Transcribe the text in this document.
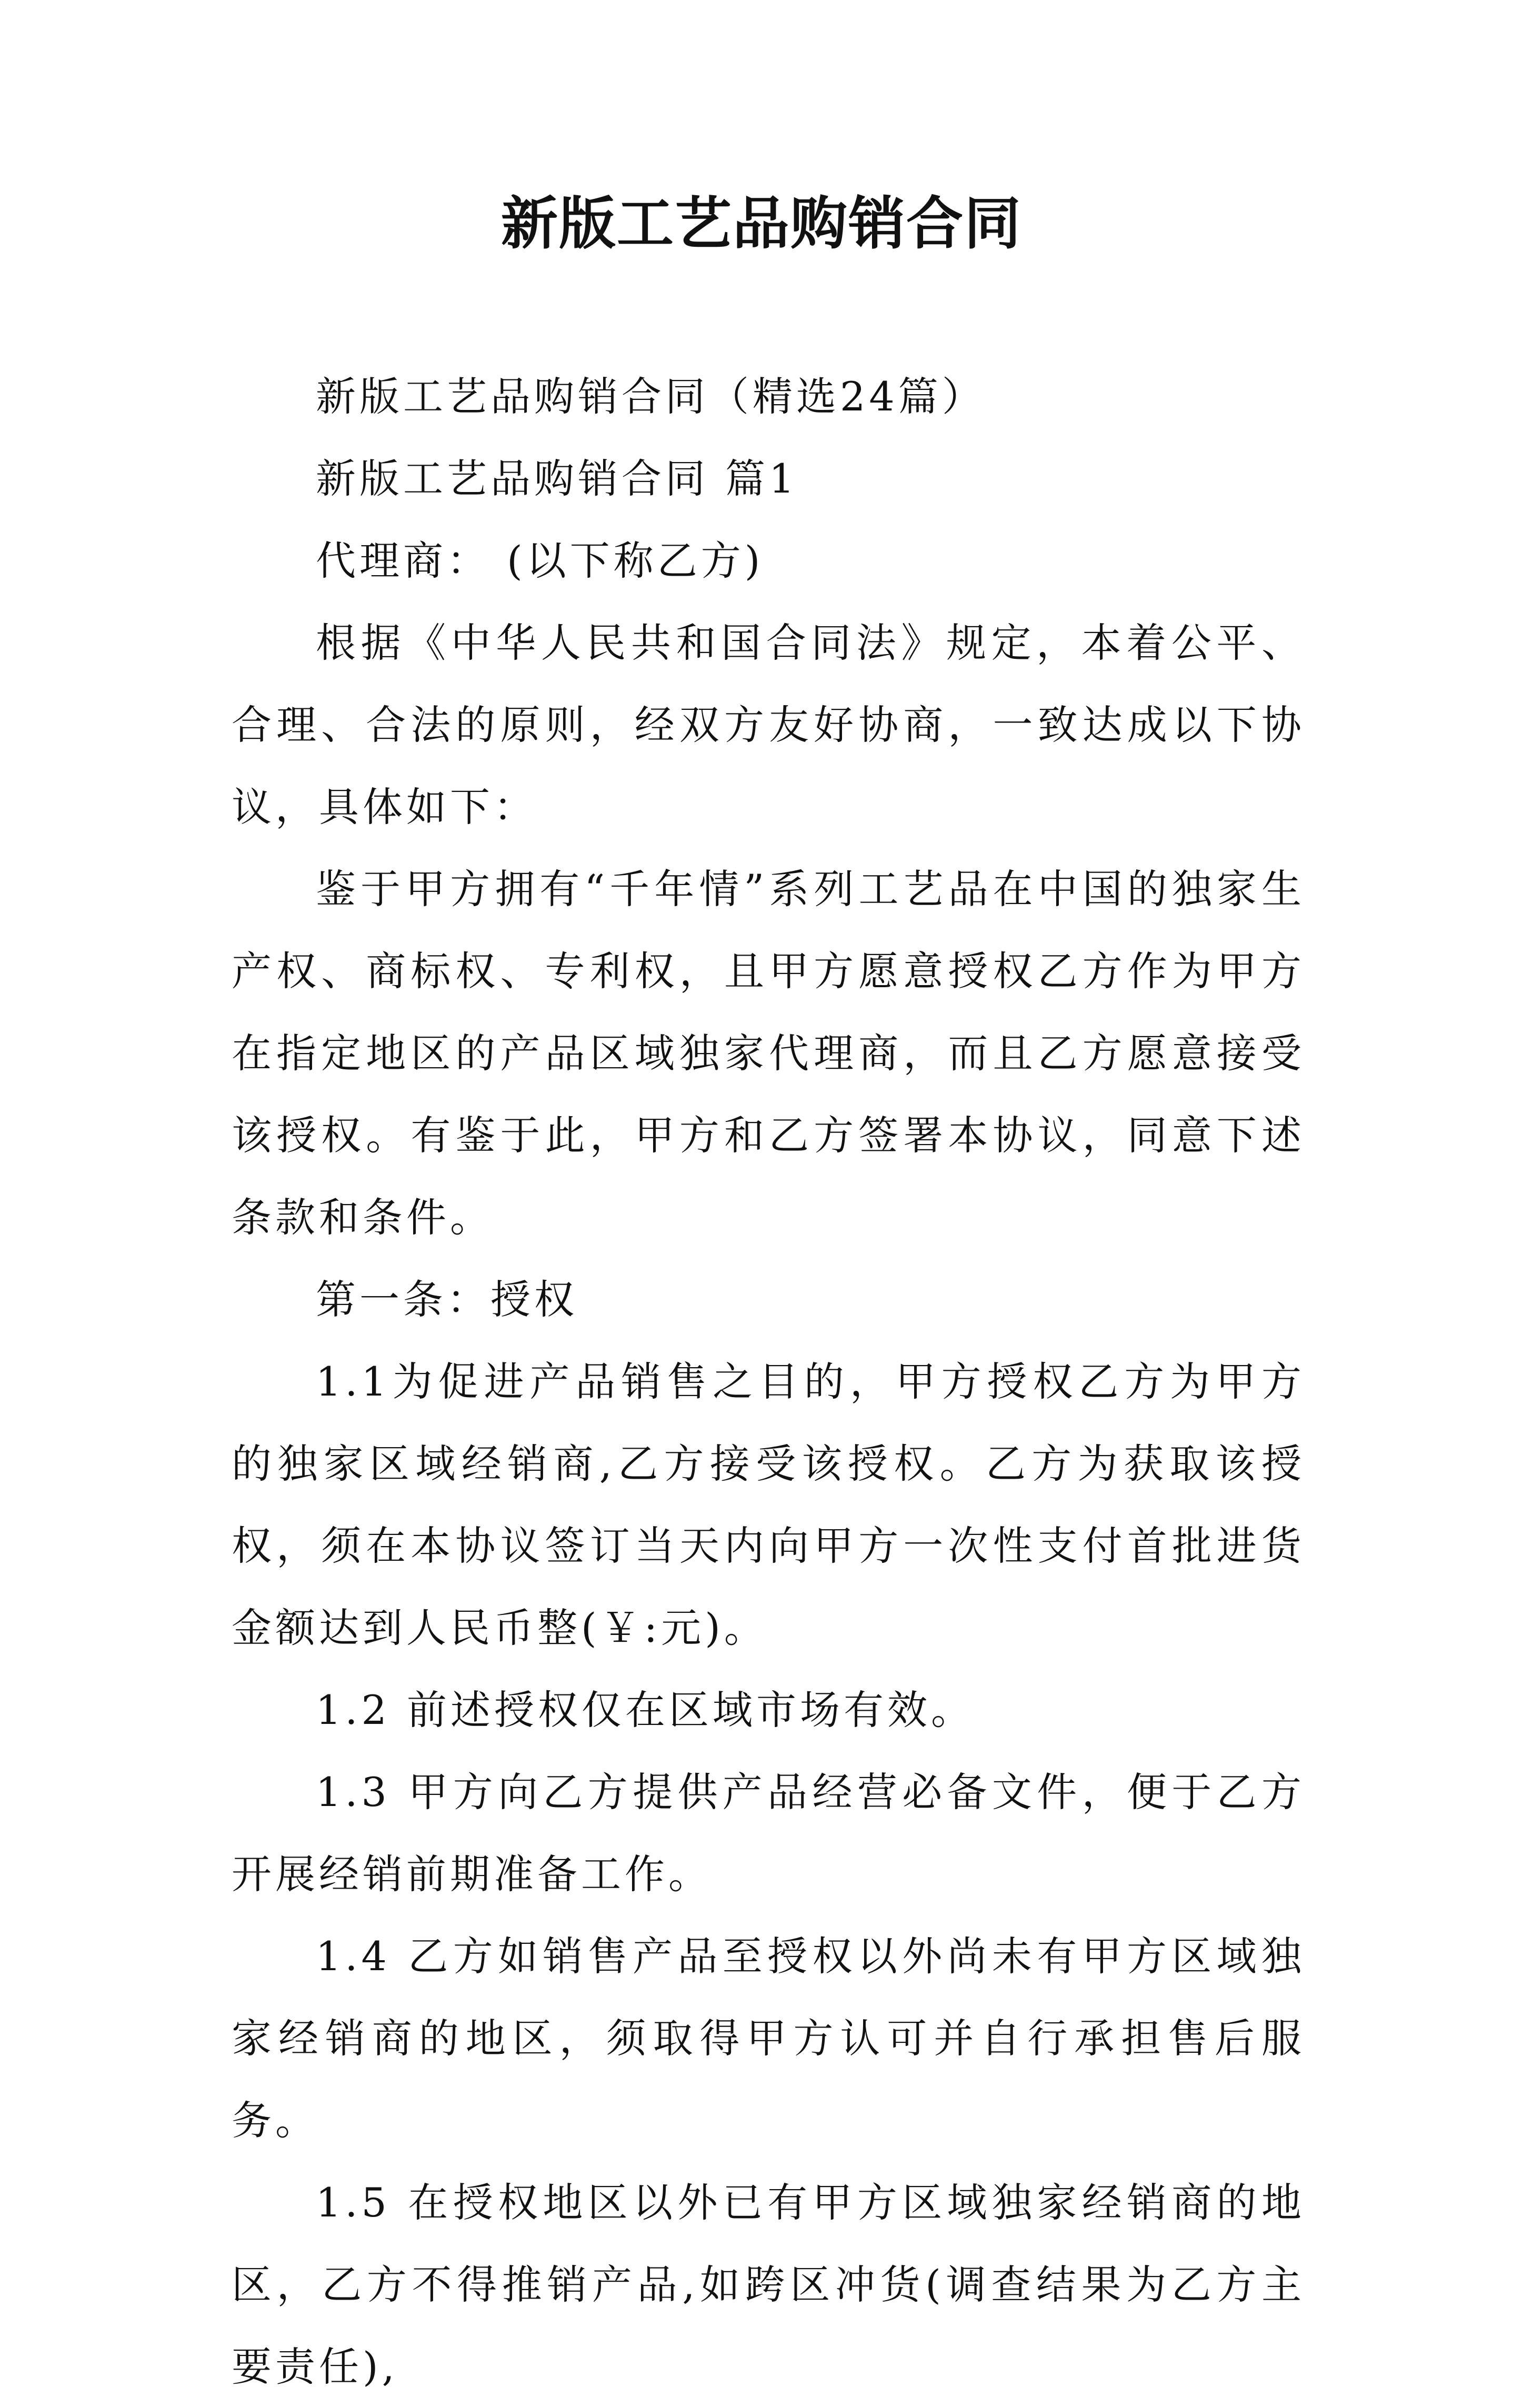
新版工艺品购销合同

新版工艺品购销合同（精选24篇）

新版工艺品购销合同 篇1

代理商： (以下称乙方)

根据《中华人民共和国合同法》规定，本着公平、合理、合法的原则，经双方友好协商，一致达成以下协议，具体如下：

鉴于甲方拥有“千年情”系列工艺品在中国的独家生产权、商标权、专利权，且甲方愿意授权乙方作为甲方在指定地区的产品区域独家代理商，而且乙方愿意接受该授权。有鉴于此，甲方和乙方签署本协议，同意下述条款和条件。

第一条：授权

1.1为促进产品销售之目的，甲方授权乙方为甲方的独家区域经销商,乙方接受该授权。乙方为获取该授权，须在本协议签订当天内向甲方一次性支付首批进货金额达到人民币整(￥:元)。

1.2 前述授权仅在区域市场有效。

1.3 甲方向乙方提供产品经营必备文件，便于乙方开展经销前期准备工作。

1.4 乙方如销售产品至授权以外尚未有甲方区域独家经销商的地区，须取得甲方认可并自行承担售后服务。

1.5 在授权地区以外已有甲方区域独家经销商的地区，乙方不得推销产品,如跨区冲货(调查结果为乙方主要责任),
